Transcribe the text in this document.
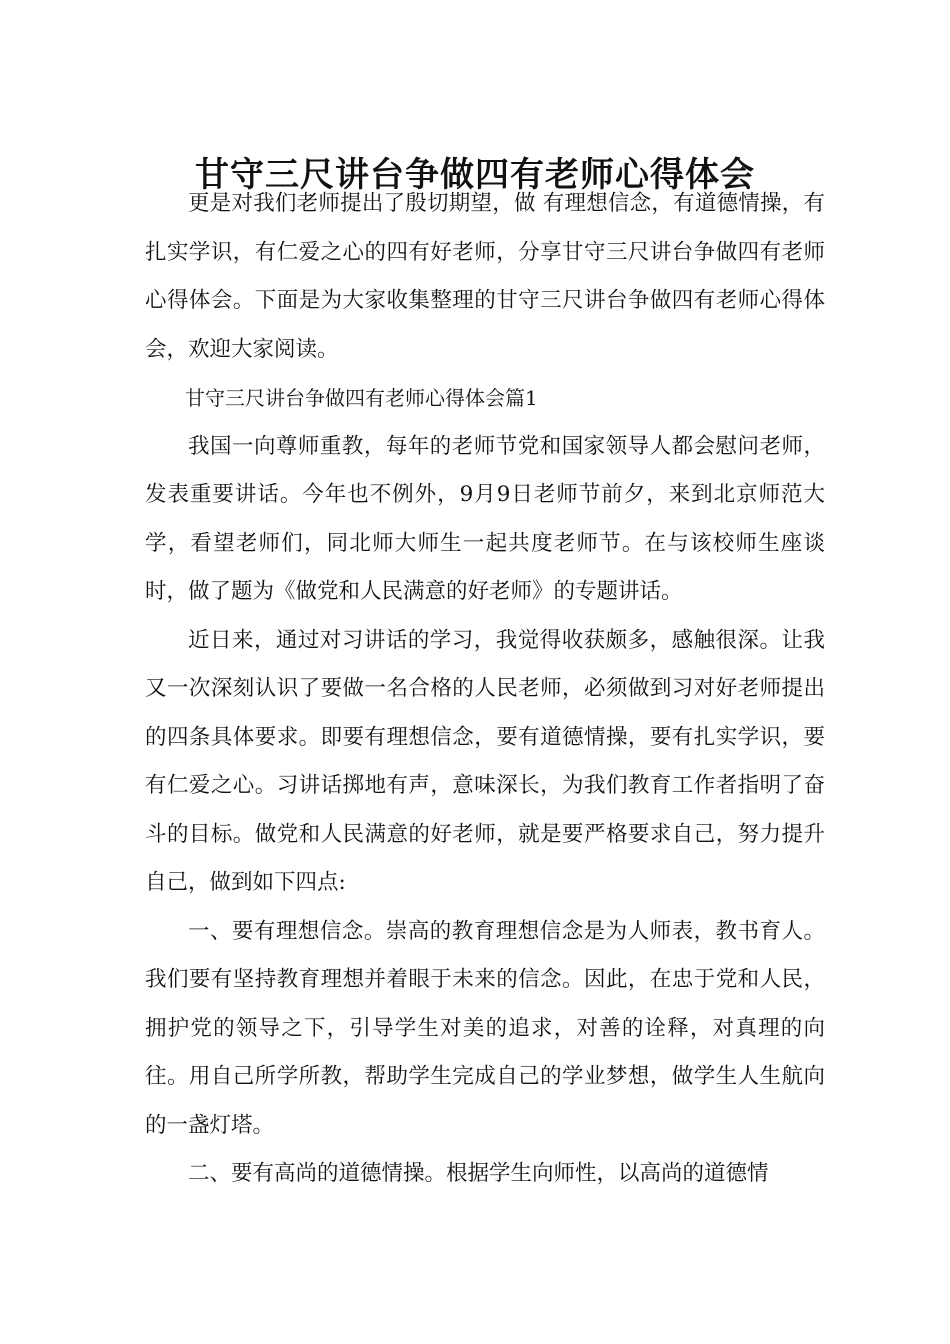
甘守三尺讲台争做四有老师心得体会

更是对我们老师提出了殷切期望，做 有理想信念，有道德情操，有扎实学识，有仁爱之心的四有好老师，分享甘守三尺讲台争做四有老师心得体会。下面是为大家收集整理的甘守三尺讲台争做四有老师心得体会，欢迎大家阅读。

甘守三尺讲台争做四有老师心得体会篇1

我国一向尊师重教，每年的老师节党和国家领导人都会慰问老师，发表重要讲话。今年也不例外，9月9日老师节前夕，来到北京师范大学，看望老师们，同北师大师生一起共度老师节。在与该校师生座谈时，做了题为《做党和人民满意的好老师》的专题讲话。

近日来，通过对习讲话的学习，我觉得收获颇多，感触很深。让我又一次深刻认识了要做一名合格的人民老师，必须做到习对好老师提出的四条具体要求。即要有理想信念，要有道德情操，要有扎实学识，要有仁爱之心。习讲话掷地有声，意味深长，为我们教育工作者指明了奋斗的目标。做党和人民满意的好老师，就是要严格要求自己，努力提升自己，做到如下四点:

一、要有理想信念。崇高的教育理想信念是为人师表，教书育人。我们要有坚持教育理想并着眼于未来的信念。因此，在忠于党和人民，拥护党的领导之下，引导学生对美的追求，对善的诠释，对真理的向往。用自己所学所教，帮助学生完成自己的学业梦想，做学生人生航向的一盏灯塔。

二、要有高尚的道德情操。根据学生向师性，以高尚的道德情
